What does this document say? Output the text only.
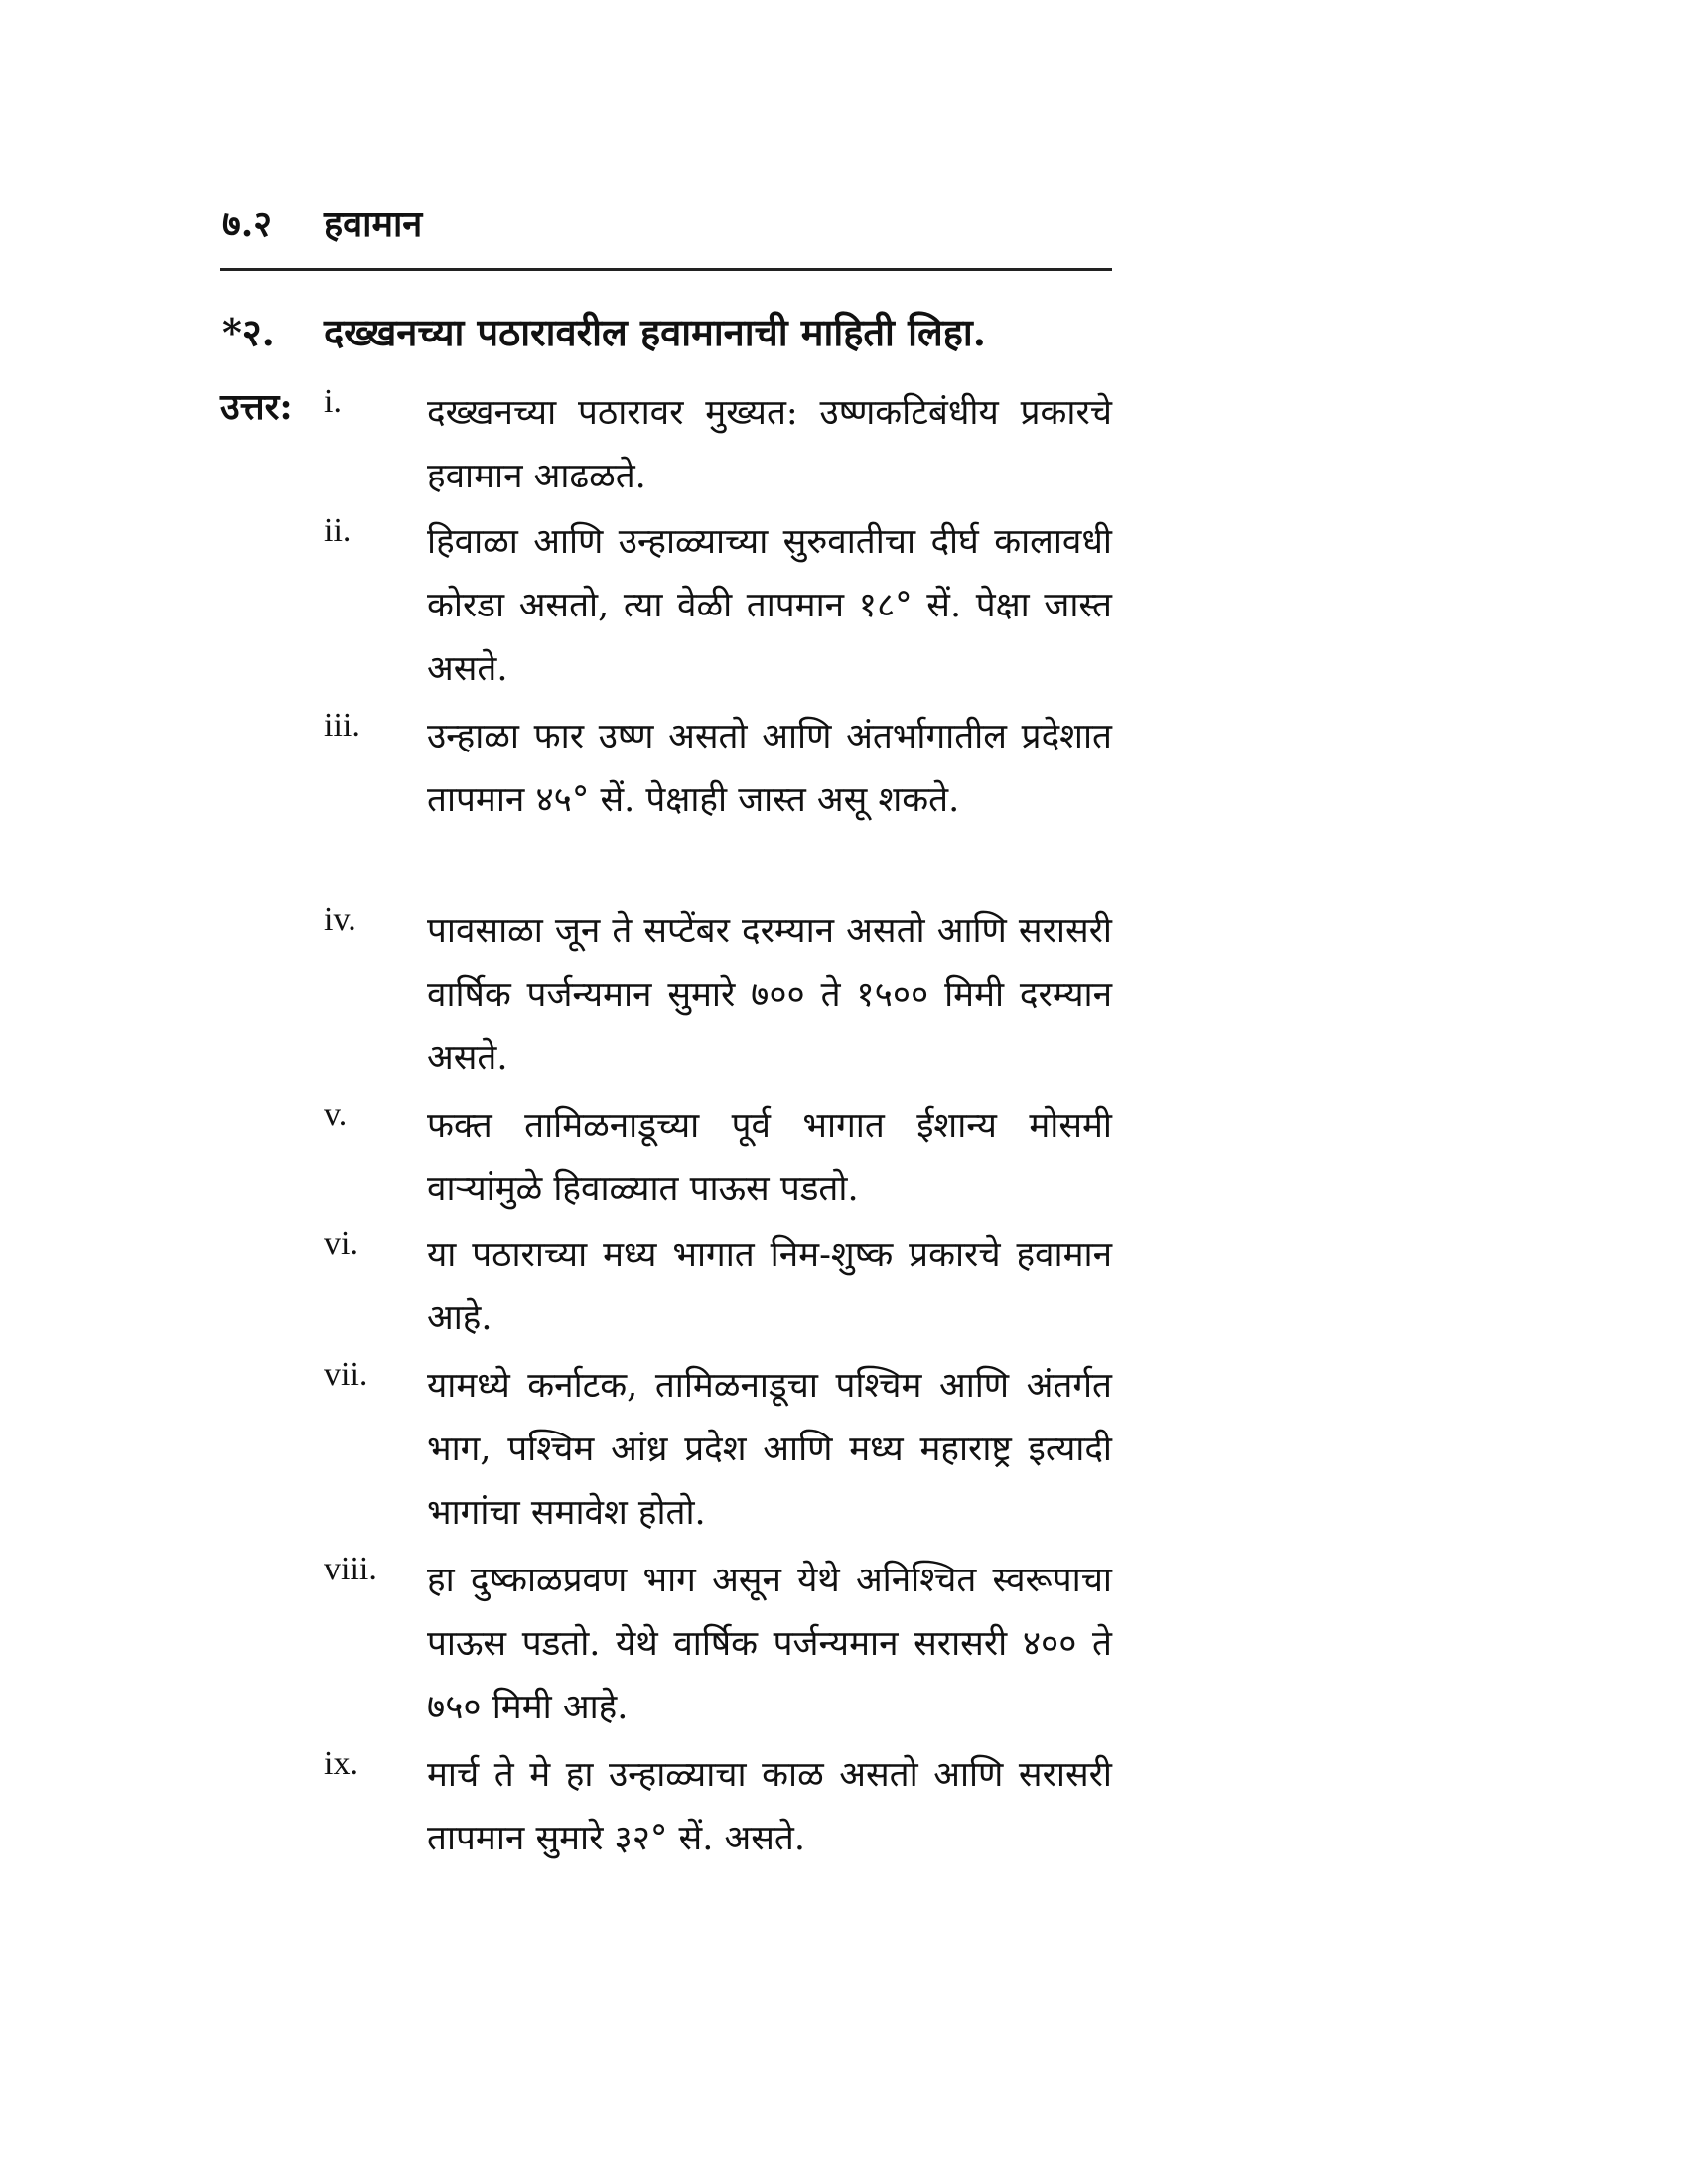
७.२ हवामान
*२. दख्खनच्या पठारावरील हवामानाची माहिती लिहा.
उत्तर: i. दख्खनच्या पठारावर मुख्यत: उष्णकटिबंधीय प्रकारचे हवामान आढळते.
ii. हिवाळा आणि उन्हाळ्याच्या सुरुवातीचा दीर्घ कालावधी कोरडा असतो, त्या वेळी तापमान १८° सें. पेक्षा जास्त असते.
iii. उन्हाळा फार उष्ण असतो आणि अंतर्भागातील प्रदेशात तापमान ४५° सें. पेक्षाही जास्त असू शकते.
iv. पावसाळा जून ते सप्टेंबर दरम्यान असतो आणि सरासरी वार्षिक पर्जन्यमान सुमारे ७०० ते १५०० मिमी दरम्यान असते.
v. फक्त तामिळनाडूच्या पूर्व भागात ईशान्य मोसमी वाऱ्यांमुळे हिवाळ्यात पाऊस पडतो.
vi. या पठाराच्या मध्य भागात निम-शुष्क प्रकारचे हवामान आहे.
vii. यामध्ये कर्नाटक, तामिळनाडूचा पश्चिम आणि अंतर्गत भाग, पश्चिम आंध्र प्रदेश आणि मध्य महाराष्ट्र इत्यादी भागांचा समावेश होतो.
viii. हा दुष्काळप्रवण भाग असून येथे अनिश्चित स्वरूपाचा पाऊस पडतो. येथे वार्षिक पर्जन्यमान सरासरी ४०० ते ७५० मिमी आहे.
ix. मार्च ते मे हा उन्हाळ्याचा काळ असतो आणि सरासरी तापमान सुमारे ३२° सें. असते.
